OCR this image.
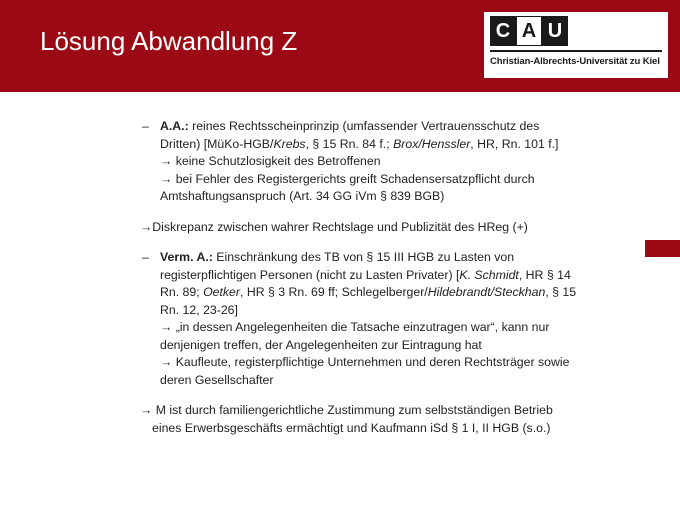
Lösung Abwandlung Z	C A U
Christian-Albrechts-Universität zu Kiel
– A.A.: reines Rechtsscheinprinzip (umfassender Vertrauensschutz des
Dritten) [MüKo-HGB/Krebs, § 15 Rn. 84 f.; Brox/Henssler, HR, Rn. 101 f.]
→ keine Schutzlosigkeit des Betroffenen
→ bei Fehler des Registergerichts greift Schadensersatzpflicht durch
Amtshaftungsanspruch (Art. 34 GG iVm § 839 BGB)
→Diskrepanz zwischen wahrer Rechtslage und Publizität des HReg (+)
– Verm. A.: Einschränkung des TB von § 15 III HGB zu Lasten von
registerpflichtigen Personen (nicht zu Lasten Privater) [K. Schmidt, HR § 14
Rn. 89; Oetker, HR § 3 Rn. 69 ff; Schlegelberger/Hildebrandt/Steckhan, § 15
Rn. 12, 23-26]
→ „in dessen Angelegenheiten die Tatsache einzutragen war“, kann nur
denjenigen treffen, der Angelegenheiten zur Eintragung hat
→ Kaufleute, registerpflichtige Unternehmen und deren Rechtsträger sowie
deren Gesellschafter
→ M ist durch familiengerichtliche Zustimmung zum selbstständigen Betrieb
eines Erwerbsgeschäfts ermächtigt und Kaufmann iSd § 1 I, II HGB (s.o.)
